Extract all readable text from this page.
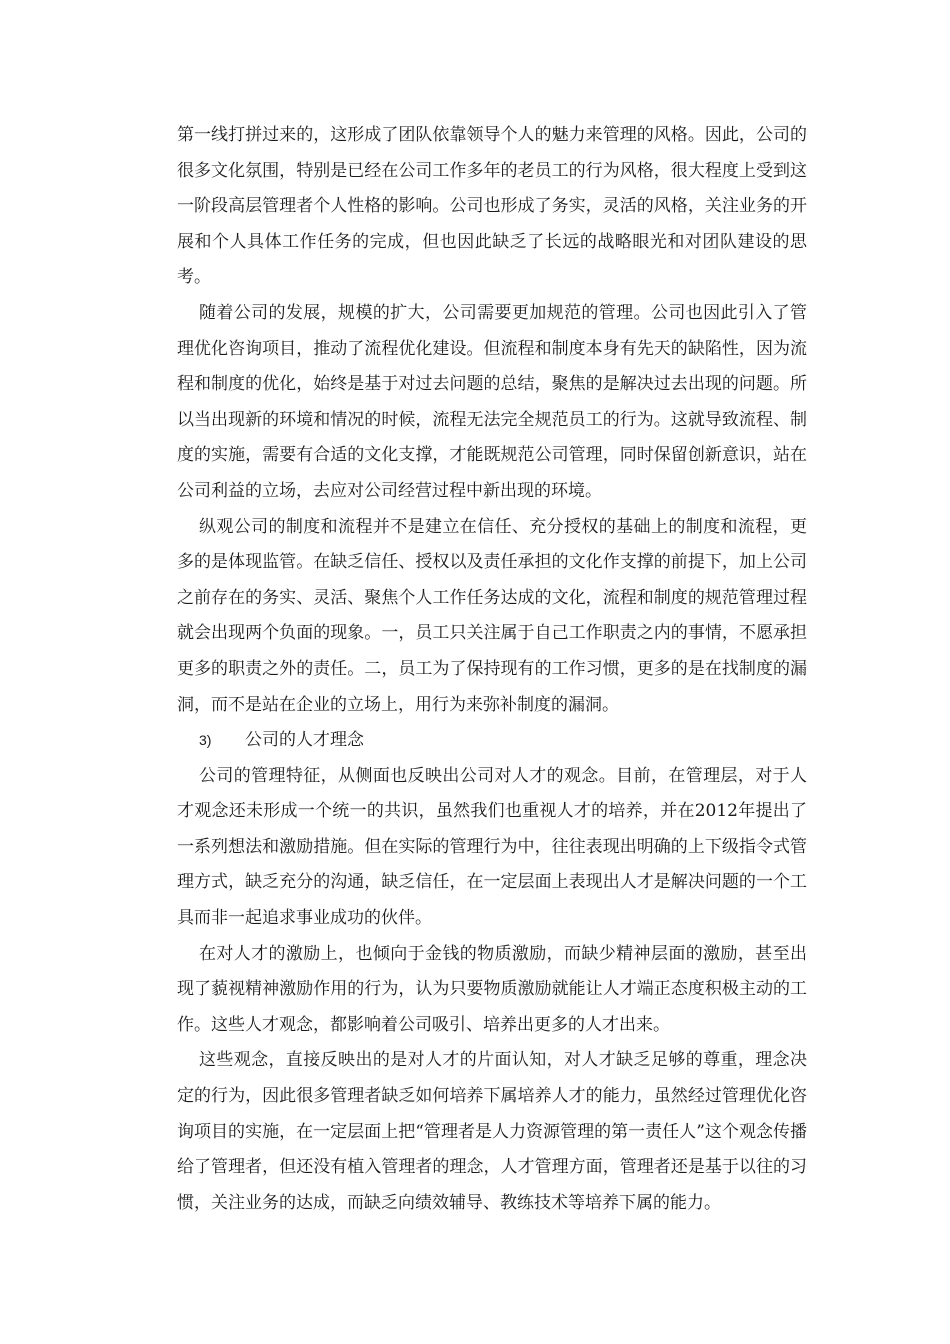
第一线打拼过来的，这形成了团队依靠领导个人的魅力来管理的风格。因此，公司的很多文化氛围，特别是已经在公司工作多年的老员工的行为风格，很大程度上受到这一阶段高层管理者个人性格的影响。公司也形成了务实，灵活的风格，关注业务的开展和个人具体工作任务的完成，但也因此缺乏了长远的战略眼光和对团队建设的思考。

随着公司的发展，规模的扩大，公司需要更加规范的管理。公司也因此引入了管理优化咨询项目，推动了流程优化建设。但流程和制度本身有先天的缺陷性，因为流程和制度的优化，始终是基于对过去问题的总结，聚焦的是解决过去出现的问题。所以当出现新的环境和情况的时候，流程无法完全规范员工的行为。这就导致流程、制度的实施，需要有合适的文化支撑，才能既规范公司管理，同时保留创新意识，站在公司利益的立场，去应对公司经营过程中新出现的环境。

纵观公司的制度和流程并不是建立在信任、充分授权的基础上的制度和流程，更多的是体现监管。在缺乏信任、授权以及责任承担的文化作支撑的前提下，加上公司之前存在的务实、灵活、聚焦个人工作任务达成的文化，流程和制度的规范管理过程就会出现两个负面的现象。一，员工只关注属于自己工作职责之内的事情，不愿承担更多的职责之外的责任。二，员工为了保持现有的工作习惯，更多的是在找制度的漏洞，而不是站在企业的立场上，用行为来弥补制度的漏洞。

3)	公司的人才理念

公司的管理特征，从侧面也反映出公司对人才的观念。目前，在管理层，对于人才观念还未形成一个统一的共识，虽然我们也重视人才的培养，并在2012年提出了一系列想法和激励措施。但在实际的管理行为中，往往表现出明确的上下级指令式管理方式，缺乏充分的沟通，缺乏信任，在一定层面上表现出人才是解决问题的一个工具而非一起追求事业成功的伙伴。

在对人才的激励上，也倾向于金钱的物质激励，而缺少精神层面的激励，甚至出现了藐视精神激励作用的行为，认为只要物质激励就能让人才端正态度积极主动的工作。这些人才观念，都影响着公司吸引、培养出更多的人才出来。

这些观念，直接反映出的是对人才的片面认知，对人才缺乏足够的尊重，理念决定的行为，因此很多管理者缺乏如何培养下属培养人才的能力，虽然经过管理优化咨询项目的实施，在一定层面上把“管理者是人力资源管理的第一责任人”这个观念传播给了管理者，但还没有植入管理者的理念，人才管理方面，管理者还是基于以往的习惯，关注业务的达成，而缺乏向绩效辅导、教练技术等培养下属的能力。
